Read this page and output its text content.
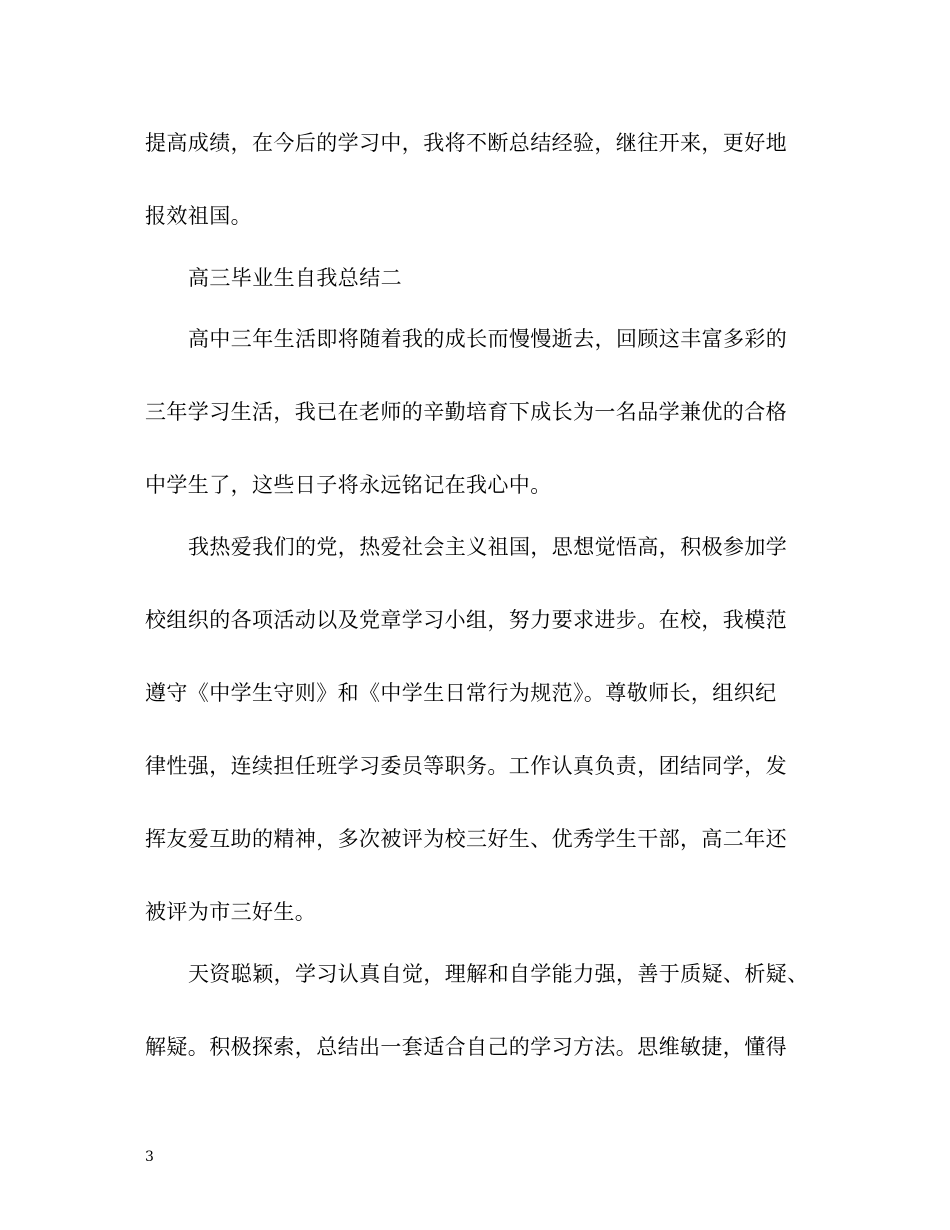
提高成绩，在今后的学习中，我将不断总结经验，继往开来，更好地
报效祖国。
高三毕业生自我总结二
高中三年生活即将随着我的成长而慢慢逝去，回顾这丰富多彩的
三年学习生活，我已在老师的辛勤培育下成长为一名品学兼优的合格
中学生了，这些日子将永远铭记在我心中。
我热爱我们的党，热爱社会主义祖国，思想觉悟高，积极参加学
校组织的各项活动以及党章学习小组，努力要求进步。在校，我模范
遵守《中学生守则》和《中学生日常行为规范》。尊敬师长，组织纪
律性强，连续担任班学习委员等职务。工作认真负责，团结同学，发
挥友爱互助的精神，多次被评为校三好生、优秀学生干部，高二年还
被评为市三好生。
天资聪颖，学习认真自觉，理解和自学能力强，善于质疑、析疑、
解疑。积极探索，总结出一套适合自己的学习方法。思维敏捷，懂得
3
